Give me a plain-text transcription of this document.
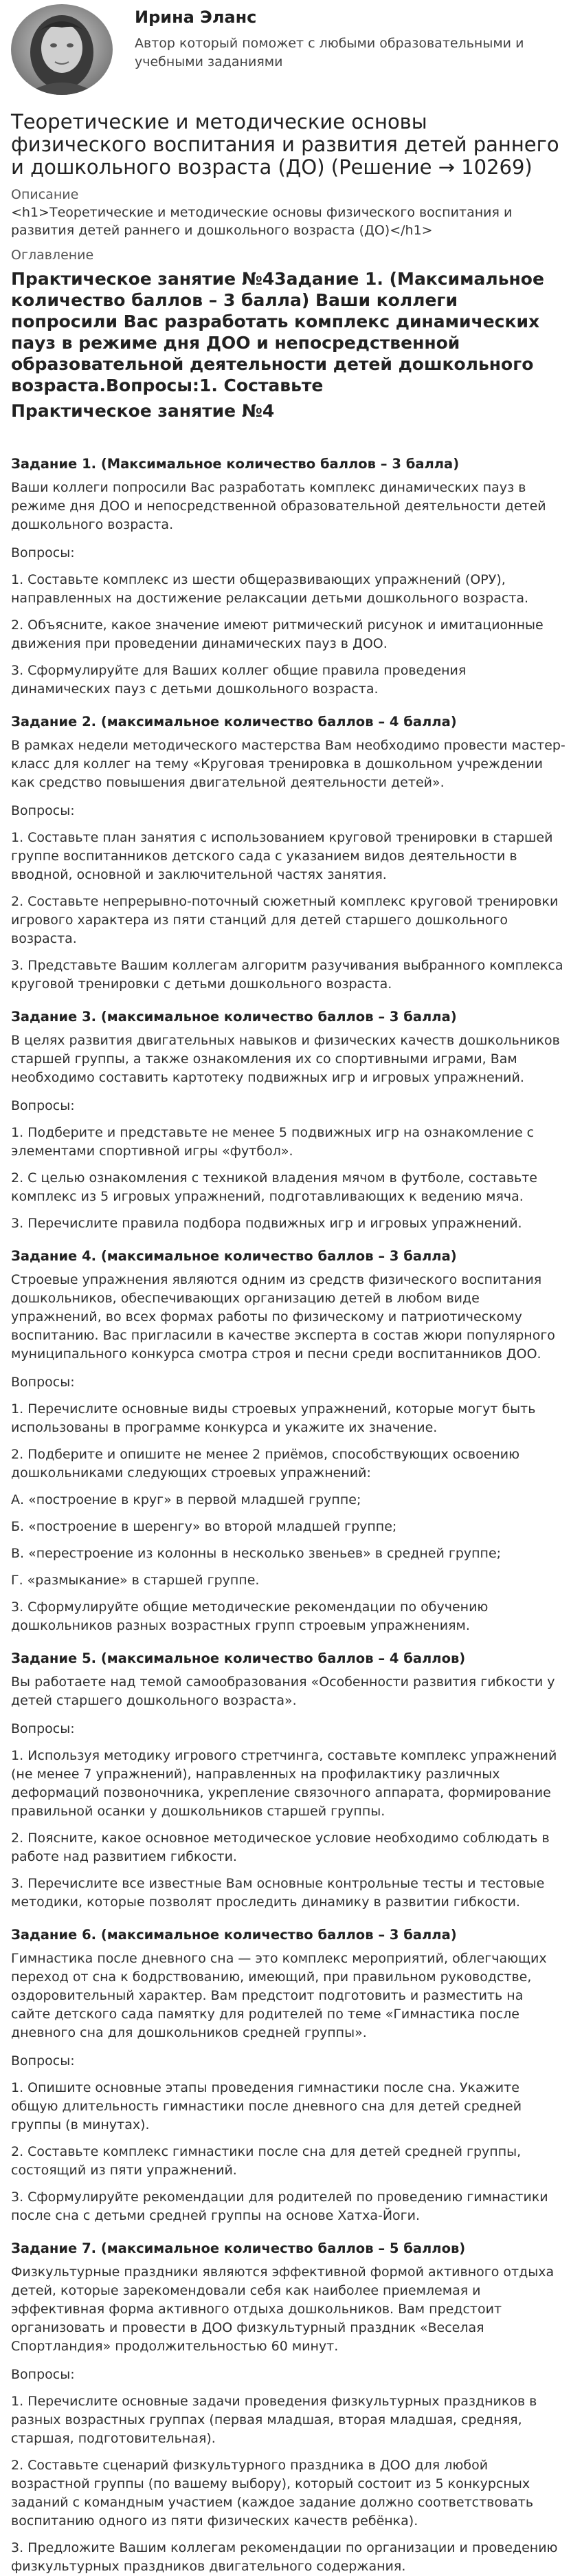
Ирина Эланс
Автор который поможет с любыми образовательными и учебными заданиями
Теоретические и методические основы физического воспитания и развития детей раннего и дошкольного возраста (ДО) (Решение → 10269)
Описание
<h1>Теоретические и методические основы физического воспитания и развития детей раннего и дошкольного возраста (ДО)</h1>
Оглавление
Практическое занятие №43адание 1. (Максимальное количество баллов – 3 балла) Ваши коллеги попросили Вас разработать комплекс динамических пауз в режиме дня ДОО и непосредственной образовательной деятельности детей дошкольного возраста.Вопросы:1. Составьте
Практическое занятие №4
Задание 1. (Максимальное количество баллов – 3 балла)

Ваши коллеги попросили Вас разработать комплекс динамических пауз в режиме дня ДОО и непосредственной образовательной деятельности детей дошкольного возраста.

Вопросы:

1. Составьте комплекс из шести общеразвивающих упражнений (ОРУ), направленных на достижение релаксации детьми дошкольного возраста.

2. Объясните, какое значение имеют ритмический рисунок и имитационные движения при проведении динамических пауз в ДОО.

3. Сформулируйте для Ваших коллег общие правила проведения динамических пауз с детьми дошкольного возраста.

Задание 2. (максимальное количество баллов – 4 балла)

В рамках недели методического мастерства Вам необходимо провести мастер-класс для коллег на тему «Круговая тренировка в дошкольном учреждении как средство повышения двигательной деятельности детей».

Вопросы:

1. Составьте план занятия с использованием круговой тренировки в старшей группе воспитанников детского сада с указанием видов деятельности в вводной, основной и заключительной частях занятия.

2. Составьте непрерывно-поточный сюжетный комплекс круговой тренировки игрового характера из пяти станций для детей старшего дошкольного возраста.

3. Представьте Вашим коллегам алгоритм разучивания выбранного комплекса круговой тренировки с детьми дошкольного возраста.

Задание 3. (максимальное количество баллов – 3 балла)

В целях развития двигательных навыков и физических качеств дошкольников старшей группы, а также ознакомления их со спортивными играми, Вам необходимо составить картотеку подвижных игр и игровых упражнений.

Вопросы:

1. Подберите и представьте не менее 5 подвижных игр на ознакомление с элементами спортивной игры «футбол».

2. С целью ознакомления с техникой владения мячом в футболе, составьте комплекс из 5 игровых упражнений, подготавливающих к ведению мяча.

3. Перечислите правила подбора подвижных игр и игровых упражнений.

Задание 4. (максимальное количество баллов – 3 балла)

Строевые упражнения являются одним из средств физического воспитания дошкольников, обеспечивающих организацию детей в любом виде упражнений, во всех формах работы по физическому и патриотическому воспитанию. Вас пригласили в качестве эксперта в состав жюри популярного муниципального конкурса смотра строя и песни среди воспитанников ДОО.

Вопросы:

1. Перечислите основные виды строевых упражнений, которые могут быть использованы в программе конкурса и укажите их значение.

2. Подберите и опишите не менее 2 приёмов, способствующих освоению дошкольниками следующих строевых упражнений:

А. «построение в круг» в первой младшей группе;

Б. «построение в шеренгу» во второй младшей группе;

В. «перестроение из колонны в несколько звеньев» в средней группе;

Г. «размыкание» в старшей группе.

3. Сформулируйте общие методические рекомендации по обучению дошкольников разных возрастных групп строевым упражнениям.

Задание 5. (максимальное количество баллов – 4 баллов)

Вы работаете над темой самообразования «Особенности развития гибкости у детей старшего дошкольного возраста».

Вопросы:

1. Используя методику игрового стретчинга, составьте комплекс упражнений (не менее 7 упражнений), направленных на профилактику различных деформаций позвоночника, укрепление связочного аппарата, формирование правильной осанки у дошкольников старшей группы.

2. Поясните, какое основное методическое условие необходимо соблюдать в работе над развитием гибкости.

3. Перечислите все известные Вам основные контрольные тесты и тестовые методики, которые позволят проследить динамику в развитии гибкости.

Задание 6. (максимальное количество баллов – 3 балла)

Гимнастика после дневного сна — это комплекс мероприятий, облегчающих переход от сна к бодрствованию, имеющий, при правильном руководстве, оздоровительный характер. Вам предстоит подготовить и разместить на сайте детского сада памятку для родителей по теме «Гимнастика после дневного сна для дошкольников средней группы».

Вопросы:

1. Опишите основные этапы проведения гимнастики после сна. Укажите общую длительность гимнастики после дневного сна для детей средней группы (в минутах).

2. Составьте комплекс гимнастики после сна для детей средней группы, состоящий из пяти упражнений.

3. Сформулируйте рекомендации для родителей по проведению гимнастики после сна с детьми средней группы на основе Хатха-Йоги.

Задание 7. (максимальное количество баллов – 5 баллов)

Физкультурные праздники являются эффективной формой активного отдыха детей, которые зарекомендовали себя как наиболее приемлемая и эффективная форма активного отдыха дошкольников. Вам предстоит организовать и провести в ДОО физкультурный праздник «Веселая Спортландия» продолжительностью 60 минут.

Вопросы:

1. Перечислите основные задачи проведения физкультурных праздников в разных возрастных группах (первая младшая, вторая младшая, средняя, старшая, подготовительная).

2. Составьте сценарий физкультурного праздника в ДОО для любой возрастной группы (по вашему выбору), который состоит из 5 конкурсных заданий с командным участием (каждое задание должно соответствовать воспитанию одного из пяти физических качеств ребёнка).

3. Предложите Вашим коллегам рекомендации по организации и проведению физкультурных праздников двигательного содержания.
